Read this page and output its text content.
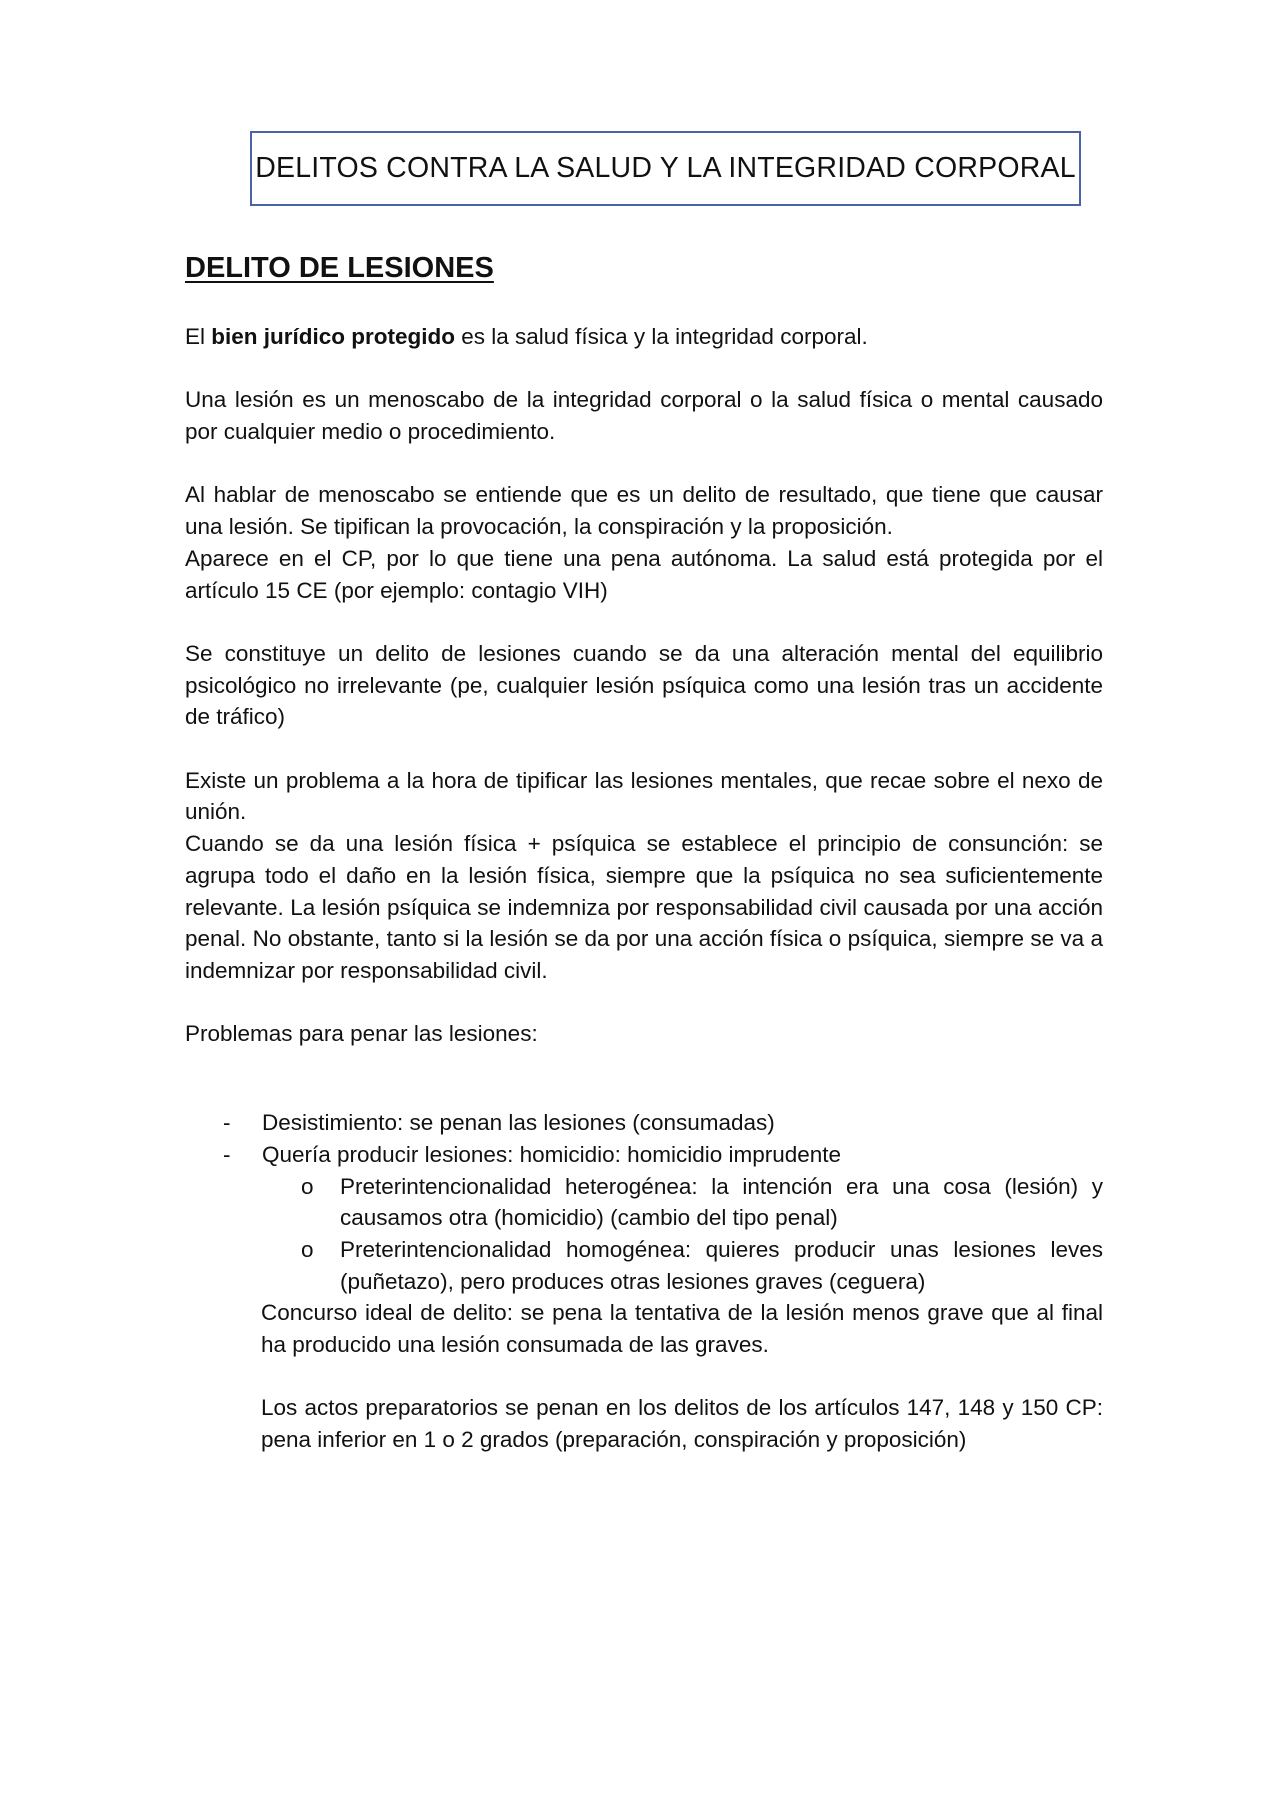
DELITOS CONTRA LA SALUD Y LA INTEGRIDAD CORPORAL
DELITO DE LESIONES

El bien jurídico protegido es la salud física y la integridad corporal.

Una lesión es un menoscabo de la integridad corporal o la salud física o mental causado por cualquier medio o procedimiento.

Al hablar de menoscabo se entiende que es un delito de resultado, que tiene que causar una lesión. Se tipifican la provocación, la conspiración y la proposición.

Aparece en el CP, por lo que tiene una pena autónoma. La salud está protegida por el artículo 15 CE (por ejemplo: contagio VIH)

Se constituye un delito de lesiones cuando se da una alteración mental del equilibrio psicológico no irrelevante (pe, cualquier lesión psíquica como una lesión tras un accidente de tráfico)

Existe un problema a la hora de tipificar las lesiones mentales, que recae sobre el nexo de unión.

Cuando se da una lesión física + psíquica se establece el principio de consunción: se agrupa todo el daño en la lesión física, siempre que la psíquica no sea suficientemente relevante. La lesión psíquica se indemniza por responsabilidad civil causada por una acción penal. No obstante, tanto si la lesión se da por una acción física o psíquica, siempre se va a indemnizar por responsabilidad civil.

Problemas para penar las lesiones:

- Desistimiento: se penan las lesiones (consumadas)
- Quería producir lesiones: homicidio: homicidio imprudente
o Preterintencionalidad heterogénea: la intención era una cosa (lesión) y causamos otra (homicidio) (cambio del tipo penal)
o Preterintencionalidad homogénea: quieres producir unas lesiones leves (puñetazo), pero produces otras lesiones graves (ceguera)

Concurso ideal de delito: se pena la tentativa de la lesión menos grave que al final ha producido una lesión consumada de las graves.

Los actos preparatorios se penan en los delitos de los artículos 147, 148 y 150 CP: pena inferior en 1 o 2 grados (preparación, conspiración y proposición)
